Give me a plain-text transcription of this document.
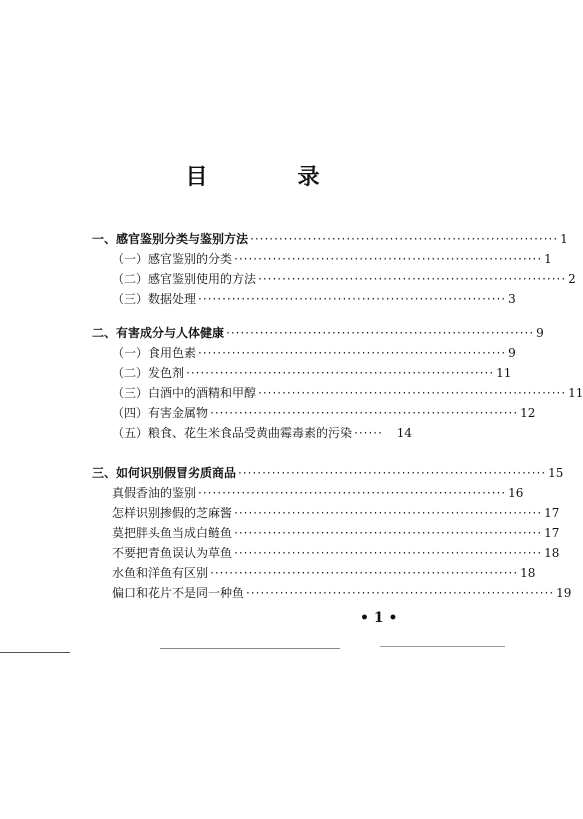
目　录
一、 感官鉴别分类与鉴别方法 ································································ 1
（一） 感官鉴别的分类 ································································ 1
（二） 感官鉴别使用的方法 ································································ 2
（三） 数据处理 ································································ 3
二、 有害成分与人体健康 ································································ 9
（一） 食用色素 ································································ 9
（二） 发色剂 ································································ 11
（三） 白酒中的酒精和甲醇 ································································ 11
（四） 有害金属物 ································································ 12
（五） 粮食、花生米食品受黄曲霉毒素的污染 ······	14
三、 如何识别假冒劣质商品 ································································ 15
真假香油的鉴别 ································································ 16
怎样识别掺假的芝麻酱 ································································ 17
莫把胖头鱼当成白鲢鱼 ································································ 17
不要把青鱼误认为草鱼 ································································ 18
水鱼和洋鱼有区别 ································································ 18
偏口和花片不是同一种鱼 ································································ 19
• 1 •
